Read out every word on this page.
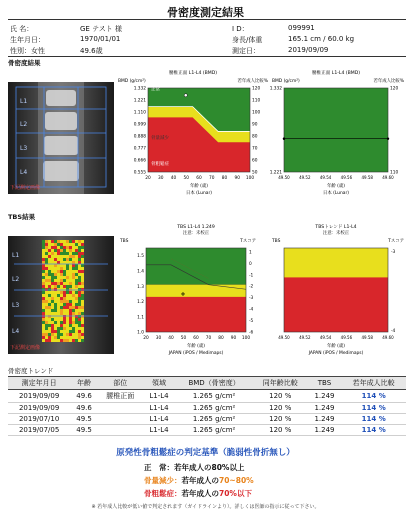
骨密度測定結果
氏 名：	GE テスト 様	I D：	099991
生年月日：	1970/01/01	身長/体重	165.1 cm / 60.0 kg
性別：女性	49.6歳	測定日：	2019/09/09
骨密度結果
L1
L2
L3
L4
下記測定画像
腰椎正面 L1-L4 (BMD)
BMD (g/cm²)	若年成人比較%
1.332
1.221
1.110
0.999
0.888
0.777
0.666
0.555
120
110
100
90
80
70
60
50
20 30 40 50 60 70 80 90 100
年齢 (歳)
日本 (Lunar)
正常
骨量減少
骨粗鬆症
腰椎正面 L1-L4 (BMD)
BMD (g/cm²)	若年成人比較%
1.332
1.221
120
110
49.50 49.52 49.54 49.56 49.58 49.60
年齢 (歳)
日本 (Lunar)
TBS結果
L1
L2
L3
L4
下記測定画像
TBS L1-L4 1.249
注意：未校正
TBS	Tスコア
1.5
1.4
1.3
1.2
1.1
1.0
1
0
-1
-2
-3
-4
-5
-6
20 30 40 50 60 70 80 90 100
年齢 (歳)
JAPAN (iPOS / Medimaps)
TBSトレンド L1-L4
注意：未校正
TBS	Tスコア
-3
-4
49.50 49.52 49.54 49.56 49.58 49.60
年齢 (歳)
JAPAN (iPOS / Medimaps)
骨密度トレンド
測定年月日	年齢	部位	領域	BMD（骨密度）	同年齢比較	TBS	若年成人比較
2019/09/09	49.6	腰椎正面	L1-L4	1.265 g/cm²	120 %	1.249	114 %
2019/09/09	49.6		L1-L4	1.265 g/cm²	120 %	1.249	114 %
2019/07/10	49.5		L1-L4	1.265 g/cm²	120 %	1.249	114 %
2019/07/05	49.5		L1-L4	1.265 g/cm²	120 %	1.249	114 %
原発性骨粗鬆症の判定基準（脆弱性骨折無し）
正　常：若年成人の80%以上
骨量減少：若年成人の70~80%
骨粗鬆症：若年成人の70%以下
※ 若年成人比較が低い値で判定されます（ガイドラインより）。詳しくは医師の指示に従って下さい。
